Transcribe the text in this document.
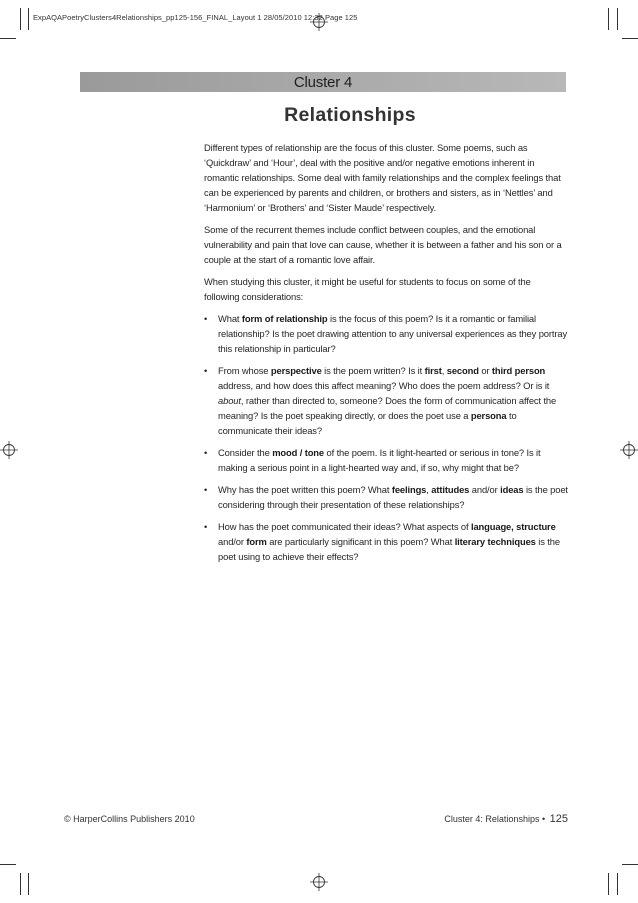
ExpAQAPoetryClusters4Relationships_pp125-156_FINAL_Layout 1 28/05/2010 12:32 Page 125
Cluster 4
Relationships

Different types of relationship are the focus of this cluster. Some poems, such as ‘Quickdraw’ and ‘Hour’, deal with the positive and/or negative emotions inherent in romantic relationships. Some deal with family relationships and the complex feelings that can be experienced by parents and children, or brothers and sisters, as in ‘Nettles’ and ‘Harmonium’ or ‘Brothers’ and ‘Sister Maude’ respectively.

Some of the recurrent themes include conflict between couples, and the emotional vulnerability and pain that love can cause, whether it is between a father and his son or a couple at the start of a romantic love affair.

When studying this cluster, it might be useful for students to focus on some of the following considerations:

• What form of relationship is the focus of this poem? Is it a romantic or familial relationship? Is the poet drawing attention to any universal experiences as they portray this relationship in particular?
• From whose perspective is the poem written? Is it first, second or third person address, and how does this affect meaning? Who does the poem address? Or is it about, rather than directed to, someone? Does the form of communication affect the meaning? Is the poet speaking directly, or does the poet use a persona to communicate their ideas?
• Consider the mood / tone of the poem. Is it light-hearted or serious in tone? Is it making a serious point in a light-hearted way and, if so, why might that be?
• Why has the poet written this poem? What feelings, attitudes and/or ideas is the poet considering through their presentation of these relationships?
• How has the poet communicated their ideas? What aspects of language, structure and/or form are particularly significant in this poem? What literary techniques is the poet using to achieve their effects?
© HarperCollins Publishers 2010	Cluster 4: Relationships • 125
